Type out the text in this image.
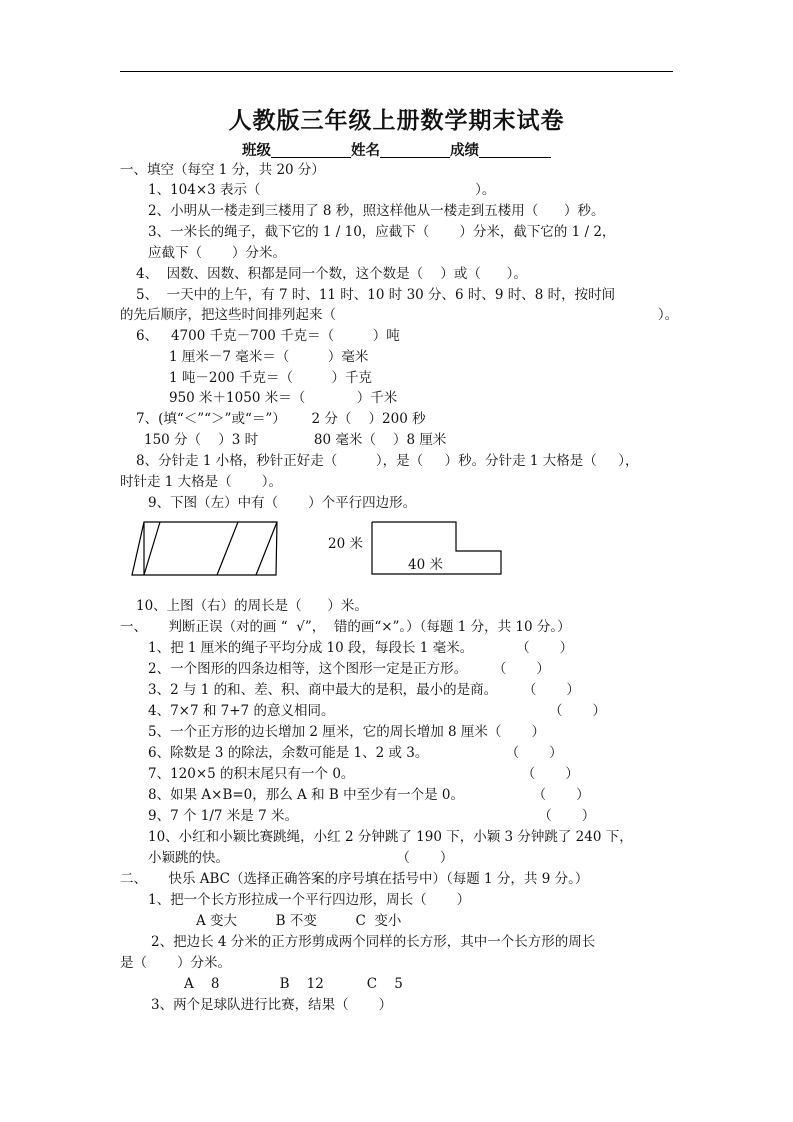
人教版三年级上册数学期末试卷
班级	姓名	成绩
一、填空（每空 1 分，共 20 分）
1、104×3 表示（                                                  ）。
2、小明从一楼走到三楼用了 8 秒，照这样他从一楼走到五楼用（      ）秒。
3、一米长的绳子，截下它的 1 / 10，应截下（       ）分米，截下它的 1 / 2，
应截下（       ）分米。
4、  因数、因数、积都是同一个数，这个数是（    ）或（      ）。
5、  一天中的上午，有 7 时、11 时、10 时 30 分、6 时、9 时、8 时，按时间
的先后顺序，把这些时间排列起来（                                                                           ）。
6、   4700 千克－700 千克＝（         ）吨
1 厘米－7 毫米＝（         ）毫米
1 吨－200 千克＝（         ）千克
950 米＋1050 米＝（            ）千米
7、(填“＜”“＞”或“＝”）      2 分（    ）200 秒
150 分（    ）3 时             80 毫米（    ）8 厘米
8、分针走 1 小格，秒针正好走（         ），是（     ）秒。分针走 1 大格是（     ），
时针走 1 大格是（       ）。
9、下图（左）中有（       ）个平行四边形。
20 米
40 米
10、上图（右）的周长是（      ）米。
一、     判断正误（对的画 “  √”，  错的画“×”。）（每题 1 分，共 10 分。）
1、把 1 厘米的绳子平均分成 10 段，每段长 1 毫米。          （       ）
2、一个图形的四条边相等，这个图形一定是正方形。      （       ）
3、2 与 1 的和、差、积、商中最大的是积，最小的是商。      （       ）
4、7×7 和 7+7 的意义相同。                                                  （       ）
5、一个正方形的边长增加 2 厘米，它的周长增加 8 厘米（       ）
6、除数是 3 的除法，余数可能是 1、2 或 3。                  （       ）
7、120×5 的积末尾只有一个 0。                                       （       ）
8、如果 A×B=0，那么 A 和 B 中至少有一个是 0。                （       ）
9、7 个 1/7 米是 7 米。                                                        （       ）
10、小红和小颖比赛跳绳，小红 2 分钟跳了 190 下，小颖 3 分钟跳了 240 下，
小颖跳的快。                                       （       ）
二、     快乐 ABC（选择正确答案的序号填在括号中）（每题 1 分，共 9 分。）
1、把一个长方形拉成一个平行四边形，周长（       ）
A 变大         B 不变         C  变小
2、把边长 4 分米的正方形剪成两个同样的长方形，其中一个长方形的周长
是（       ）分米。
A    8              B    12          C    5
3、两个足球队进行比赛，结果（       ）
